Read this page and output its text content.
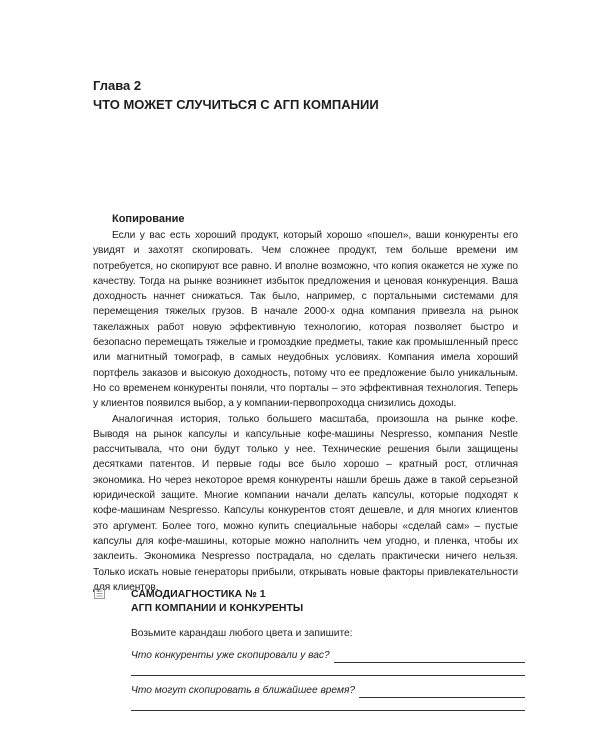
Глава 2
ЧТО МОЖЕТ СЛУЧИТЬСЯ С АГП КОМПАНИИ
Копирование

Если у вас есть хороший продукт, который хорошо «пошел», ваши конкуренты его увидят и захотят скопировать. Чем сложнее продукт, тем больше времени им потребуется, но скопируют все равно. И вполне возможно, что копия окажется не хуже по качеству. Тогда на рынке возникнет избыток предложения и ценовая конкуренция. Ваша доходность начнет снижаться. Так было, например, с портальными системами для перемещения тяжелых грузов. В начале 2000-х одна компания привезла на рынок такелажных работ новую эффективную технологию, которая позволяет быстро и безопасно перемещать тяжелые и громоздкие предметы, такие как промышленный пресс или магнитный томограф, в самых неудобных условиях. Компания имела хороший портфель заказов и высокую доходность, потому что ее предложение было уникальным. Но со временем конкуренты поняли, что порталы – это эффективная технология. Теперь у клиентов появился выбор, а у компании-первопроходца снизились доходы.

Аналогичная история, только большего масштаба, произошла на рынке кофе. Выводя на рынок капсулы и капсульные кофе-машины Nespresso, компания Nestle рассчитывала, что они будут только у нее. Технические решения были защищены десятками патентов. И первые годы все было хорошо – кратный рост, отличная экономика. Но через некоторое время конкуренты нашли брешь даже в такой серьезной юридической защите. Многие компании начали делать капсулы, которые подходят к кофе-машинам Nespresso. Капсулы конкурентов стоят дешевле, и для многих клиентов это аргумент. Более того, можно купить специальные наборы «сделай сам» – пустые капсулы для кофе-машины, которые можно наполнить чем угодно, и пленка, чтобы их заклеить. Экономика Nespresso пострадала, но сделать практически ничего нельзя. Только искать новые генераторы прибыли, открывать новые факторы привлекательности для клиентов.

САМОДИАГНОСТИКА № 1
АГП КОМПАНИИ И КОНКУРЕНТЫ
Возьмите карандаш любого цвета и запишите:
Что конкуренты уже скопировали у вас?
Что могут скопировать в ближайшее время?
